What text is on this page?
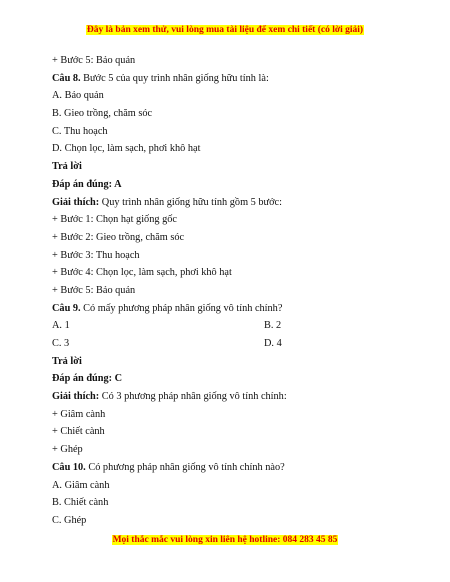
Đây là bản xem thử, vui lòng mua tài liệu để xem chi tiết (có lời giải)
+ Bước 5: Bảo quản
Câu 8. Bước 5 của quy trình nhân giống hữu tính là:
A. Bảo quản
B. Gieo trồng, chăm sóc
C. Thu hoạch
D. Chọn lọc, làm sạch, phơi khô hạt
Trả lời
Đáp án đúng: A
Giải thích: Quy trình nhân giống hữu tính gồm 5 bước:
+ Bước 1: Chọn hạt giống gốc
+ Bước 2: Gieo trồng, chăm sóc
+ Bước 3: Thu hoạch
+ Bước 4: Chọn lọc, làm sạch, phơi khô hạt
+ Bước 5: Bảo quản
Câu 9. Có mấy phương pháp nhân giống vô tính chính?
A. 1	B. 2
C. 3	D. 4
Trả lời
Đáp án đúng: C
Giải thích: Có 3 phương pháp nhân giống vô tính chính:
+ Giâm cành
+ Chiết cành
+ Ghép
Câu 10. Có phương pháp nhân giống vô tính chính nào?
A. Giâm cành
B. Chiết cành
C. Ghép
Mọi thắc mắc vui lòng xin liên hệ hotline: 084 283 45 85
